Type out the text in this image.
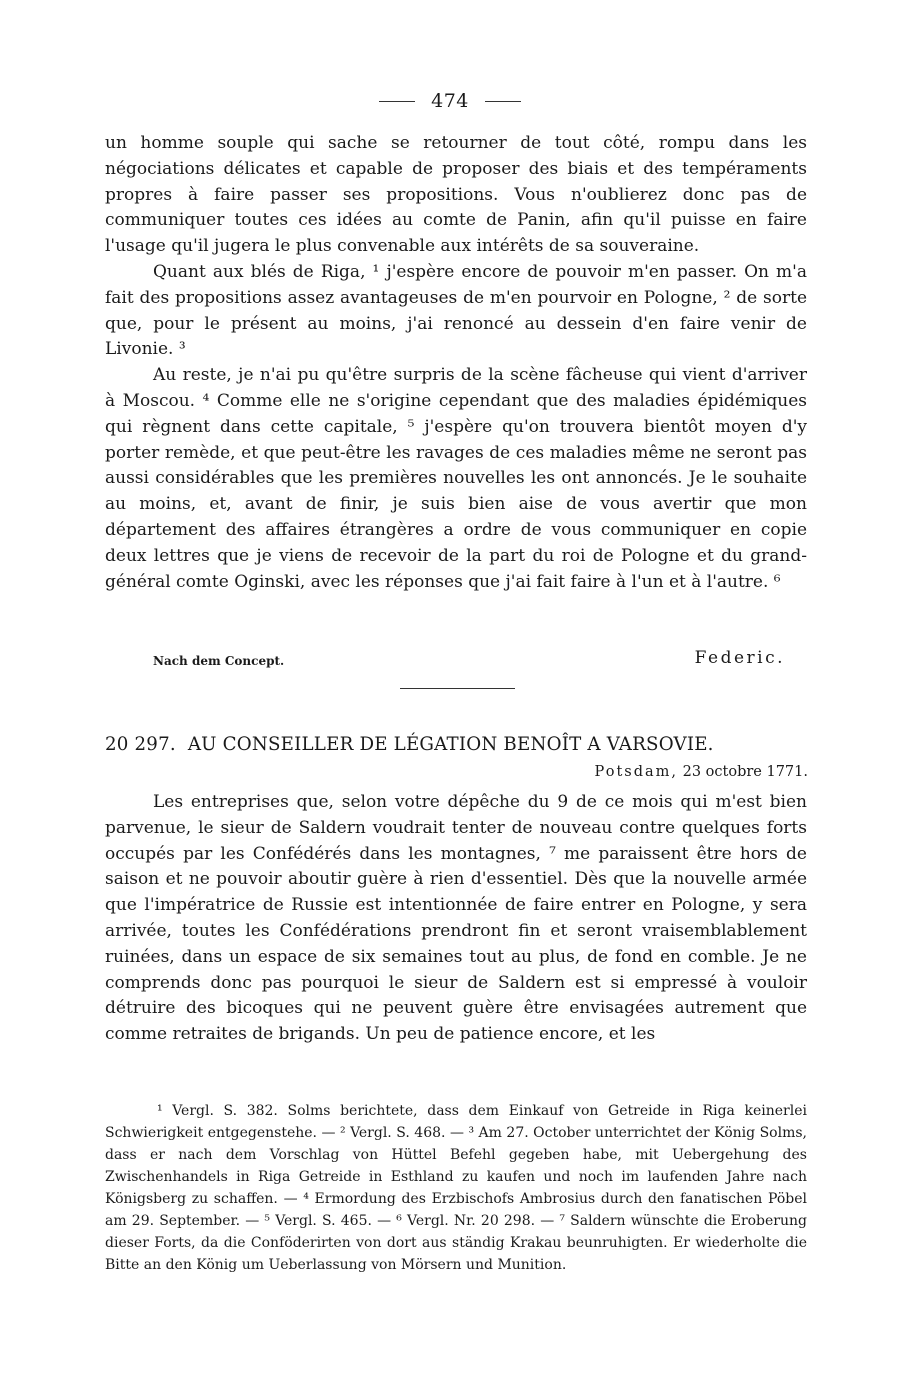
474

un homme souple qui sache se retourner de tout côté, rompu dans les négociations délicates et capable de proposer des biais et des tempéraments propres à faire passer ses propositions. Vous n'oublierez donc pas de communiquer toutes ces idées au comte de Panin, afin qu'il puisse en faire l'usage qu'il jugera le plus convenable aux intérêts de sa souveraine.

Quant aux blés de Riga, ¹ j'espère encore de pouvoir m'en passer. On m'a fait des propositions assez avantageuses de m'en pourvoir en Pologne, ² de sorte que, pour le présent au moins, j'ai renoncé au dessein d'en faire venir de Livonie. ³

Au reste, je n'ai pu qu'être surpris de la scène fâcheuse qui vient d'arriver à Moscou. ⁴ Comme elle ne s'origine cependant que des maladies épidémiques qui règnent dans cette capitale, ⁵ j'espère qu'on trouvera bientôt moyen d'y porter remède, et que peut-être les ravages de ces maladies même ne seront pas aussi considérables que les premières nouvelles les ont annoncés. Je le souhaite au moins, et, avant de finir, je suis bien aise de vous avertir que mon département des affaires étrangères a ordre de vous communiquer en copie deux lettres que je viens de recevoir de la part du roi de Pologne et du grand-général comte Oginski, avec les réponses que j'ai fait faire à l'un et à l'autre. ⁶

Nach dem Concept.	Federic.
20 297. AU CONSEILLER DE LÉGATION BENOÎT A VARSOVIE.
Potsdam, 23 octobre 1771.

Les entreprises que, selon votre dépêche du 9 de ce mois qui m'est bien parvenue, le sieur de Saldern voudrait tenter de nouveau contre quelques forts occupés par les Confédérés dans les montagnes, ⁷ me paraissent être hors de saison et ne pouvoir aboutir guère à rien d'essentiel. Dès que la nouvelle armée que l'impératrice de Russie est intentionnée de faire entrer en Pologne, y sera arrivée, toutes les Confédérations prendront fin et seront vraisemblablement ruinées, dans un espace de six semaines tout au plus, de fond en comble. Je ne comprends donc pas pourquoi le sieur de Saldern est si empressé à vouloir détruire des bicoques qui ne peuvent guère être envisagées autrement que comme retraites de brigands. Un peu de patience encore, et les

¹ Vergl. S. 382. Solms berichtete, dass dem Einkauf von Getreide in Riga keinerlei Schwierigkeit entgegenstehe. — ² Vergl. S. 468. — ³ Am 27. October unterrichtet der König Solms, dass er nach dem Vorschlag von Hüttel Befehl gegeben habe, mit Uebergehung des Zwischenhandels in Riga Getreide in Esthland zu kaufen und noch im laufenden Jahre nach Königsberg zu schaffen. — ⁴ Ermordung des Erzbischofs Ambrosius durch den fanatischen Pöbel am 29. September. — ⁵ Vergl. S. 465. — ⁶ Vergl. Nr. 20 298. — ⁷ Saldern wünschte die Eroberung dieser Forts, da die Conföderirten von dort aus ständig Krakau beunruhigten. Er wiederholte die Bitte an den König um Ueberlassung von Mörsern und Munition.
